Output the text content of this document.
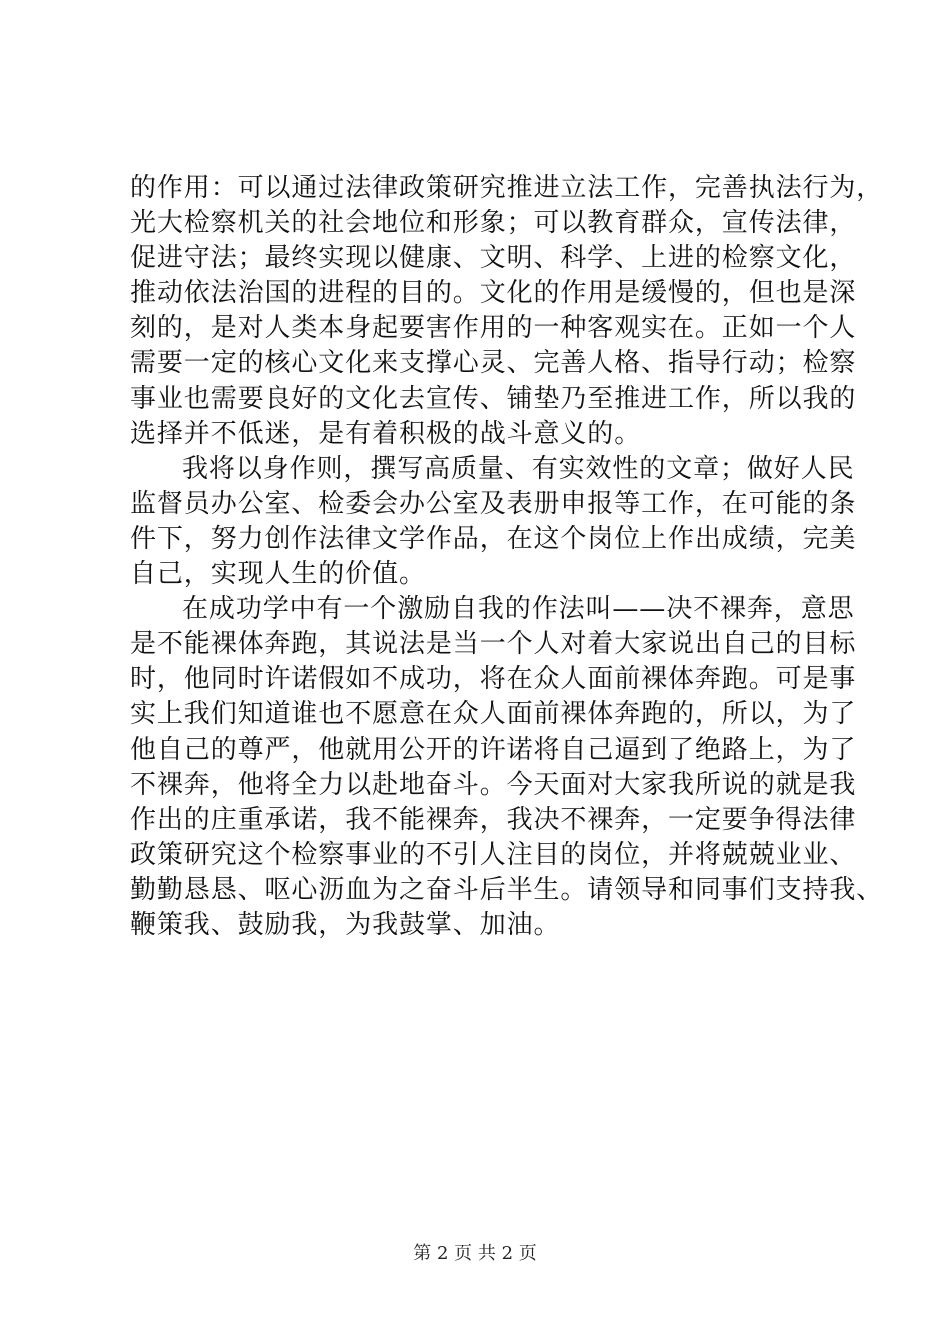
的作用：可以通过法律政策研究推进立法工作，完善执法行为，
光大检察机关的社会地位和形象；可以教育群众，宣传法律，
促进守法；最终实现以健康、文明、科学、上进的检察文化，
推动依法治国的进程的目的。文化的作用是缓慢的，但也是深
刻的，是对人类本身起要害作用的一种客观实在。正如一个人
需要一定的核心文化来支撑心灵、完善人格、指导行动；检察
事业也需要良好的文化去宣传、铺垫乃至推进工作，所以我的
选择并不低迷，是有着积极的战斗意义的。
我将以身作则，撰写高质量、有实效性的文章；做好人民
监督员办公室、检委会办公室及表册申报等工作，在可能的条
件下，努力创作法律文学作品，在这个岗位上作出成绩，完美
自己，实现人生的价值。
在成功学中有一个激励自我的作法叫——决不裸奔，意思
是不能裸体奔跑，其说法是当一个人对着大家说出自己的目标
时，他同时许诺假如不成功，将在众人面前裸体奔跑。可是事
实上我们知道谁也不愿意在众人面前裸体奔跑的，所以，为了
他自己的尊严，他就用公开的许诺将自己逼到了绝路上，为了
不裸奔，他将全力以赴地奋斗。今天面对大家我所说的就是我
作出的庄重承诺，我不能裸奔，我决不裸奔，一定要争得法律
政策研究这个检察事业的不引人注目的岗位，并将兢兢业业、
勤勤恳恳、呕心沥血为之奋斗后半生。请领导和同事们支持我、
鞭策我、鼓励我，为我鼓掌、加油。
第 2 页 共 2 页
